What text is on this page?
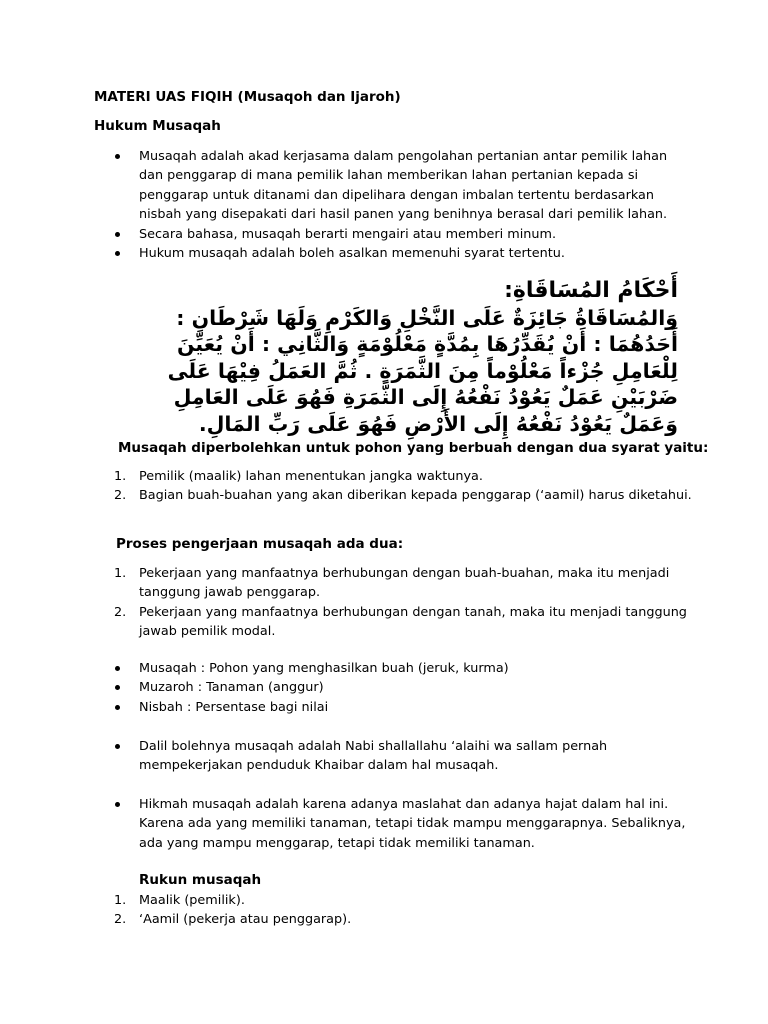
MATERI UAS FIQIH (Musaqoh dan Ijaroh)

Hukum Musaqah

Musaqah adalah akad kerjasama dalam pengolahan pertanian antar pemilik lahan
dan penggarap di mana pemilik lahan memberikan lahan pertanian kepada si
penggarap untuk ditanami dan dipelihara dengan imbalan tertentu berdasarkan
nisbah yang disepakati dari hasil panen yang benihnya berasal dari pemilik lahan.
Secara bahasa, musaqah berarti mengairi atau memberi minum.
Hukum musaqah adalah boleh asalkan memenuhi syarat tertentu.
أَحْكَامُ المُسَاقَاةِ:
وَالمُسَاقَاةُ جَائِزَةٌ عَلَى النَّخْلِ وَالكَرْمِ وَلَهَا شَرْطَانِ :
أَحَدُهُمَا : أَنْ يُقَدِّرُهَا بِمُدَّةٍ مَعْلُوْمَةٍ وَالثَّانِي : أَنْ يُعَيِّنَ
لِلْعَامِلِ جُزْءاً مَعْلُوْماً مِنَ الثَّمَرَةِ . ثُمَّ العَمَلُ فِيْهَا عَلَى
ضَرْبَيْنِ عَمَلٌ يَعُوْدُ نَفْعُهُ إِلَى الثَّمَرَةِ فَهُوَ عَلَى العَامِلِ
وَعَمَلٌ يَعُوْدُ نَفْعُهُ إِلَى الأَرْضِ فَهُوَ عَلَى رَبِّ المَالِ.

Musaqah diperbolehkan untuk pohon yang berbuah dengan dua syarat yaitu:

1. Pemilik (maalik) lahan menentukan jangka waktunya.
2. Bagian buah-buahan yang akan diberikan kepada penggarap (‘aamil) harus diketahui.

Proses pengerjaan musaqah ada dua:

1. Pekerjaan yang manfaatnya berhubungan dengan buah-buahan, maka itu menjadi
tanggung jawab penggarap.
2. Pekerjaan yang manfaatnya berhubungan dengan tanah, maka itu menjadi tanggung
jawab pemilik modal.
Musaqah : Pohon yang menghasilkan buah (jeruk, kurma)
Muzaroh : Tanaman (anggur)
Nisbah : Persentase bagi nilai
Dalil bolehnya musaqah adalah Nabi shallallahu ‘alaihi wa sallam pernah
mempekerjakan penduduk Khaibar dalam hal musaqah.
Hikmah musaqah adalah karena adanya maslahat dan adanya hajat dalam hal ini.
Karena ada yang memiliki tanaman, tetapi tidak mampu menggarapnya. Sebaliknya,
ada yang mampu menggarap, tetapi tidak memiliki tanaman.

Rukun musaqah

1. Maalik (pemilik).
2. ‘Aamil (pekerja atau penggarap).
